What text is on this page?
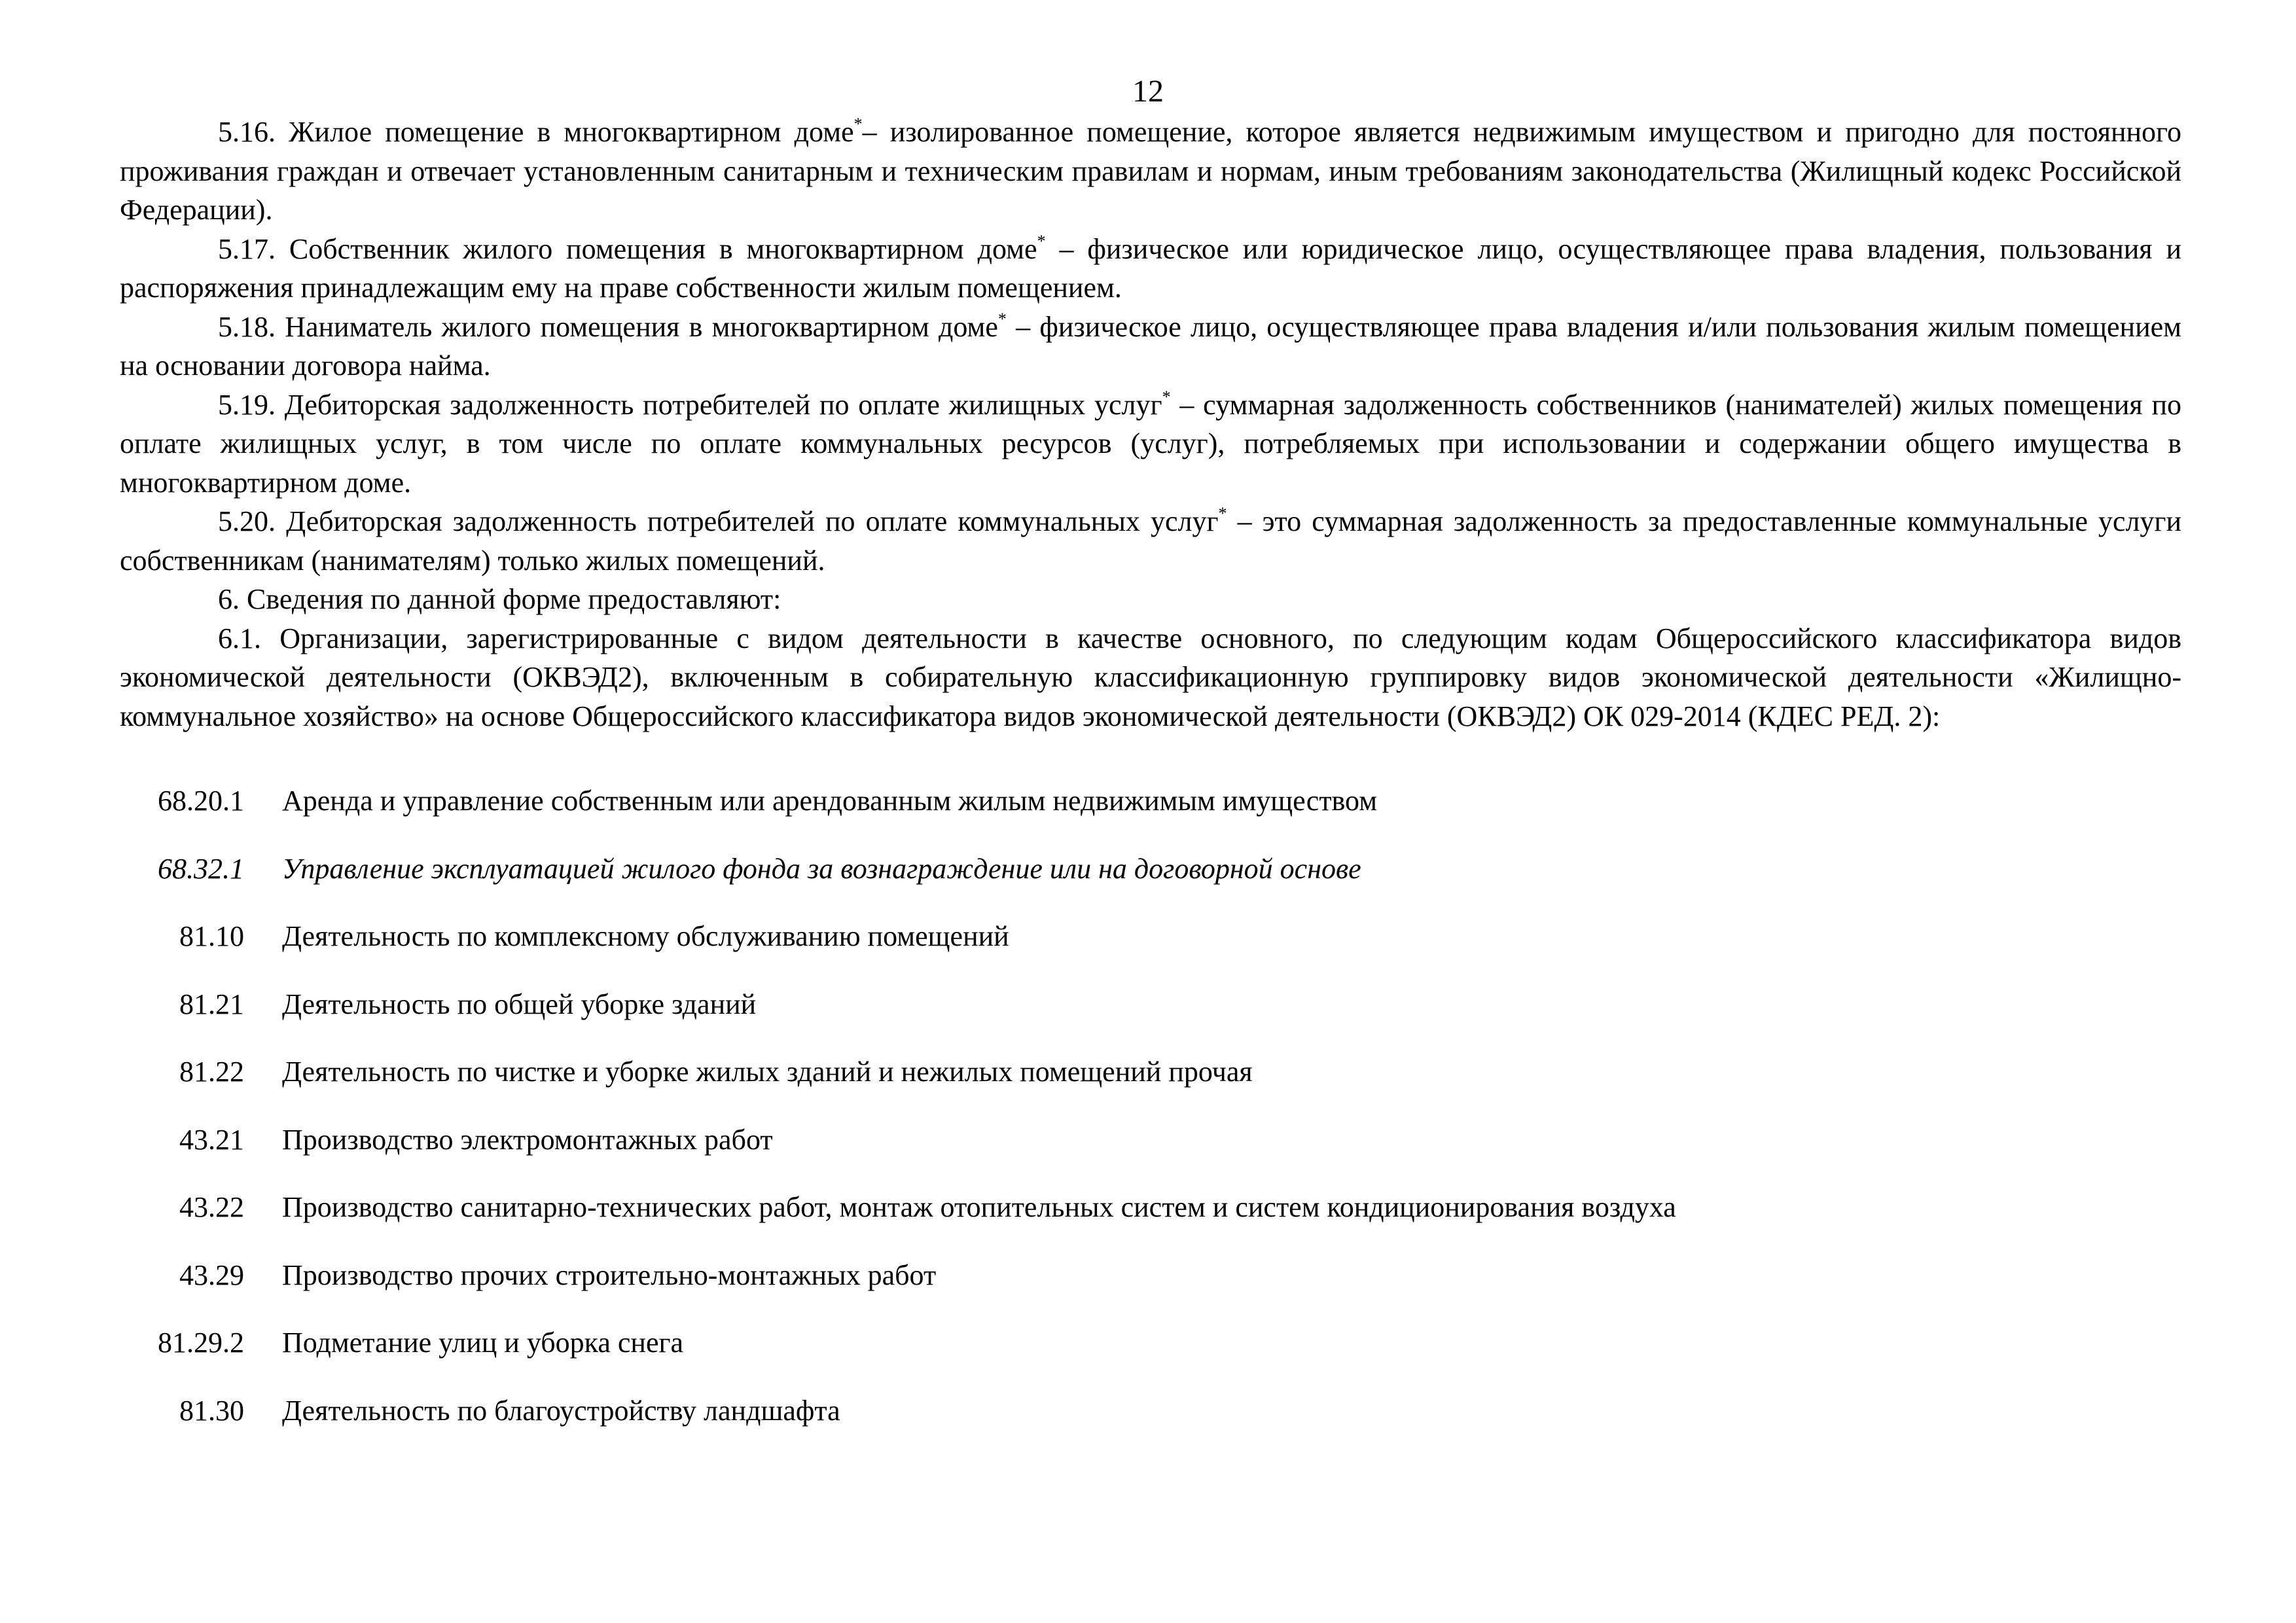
12

5.16. Жилое помещение в многоквартирном доме*– изолированное помещение, которое является недвижимым имуществом и пригодно для постоянного проживания граждан и отвечает установленным санитарным и техническим правилам и нормам, иным требованиям законодательства (Жилищный кодекс Российской Федерации).

5.17. Собственник жилого помещения в многоквартирном доме* – физическое или юридическое лицо, осуществляющее права владения, пользования и распоряжения принадлежащим ему на праве собственности жилым помещением.

5.18. Наниматель жилого помещения в многоквартирном доме* – физическое лицо, осуществляющее права владения и/или пользования жилым помещением на основании договора найма.

5.19. Дебиторская задолженность потребителей по оплате жилищных услуг* – суммарная задолженность собственников (нанимателей) жилых помещения по оплате жилищных услуг, в том числе по оплате коммунальных ресурсов (услуг), потребляемых при использовании и содержании общего имущества в многоквартирном доме.

5.20. Дебиторская задолженность потребителей по оплате коммунальных услуг* – это суммарная задолженность за предоставленные коммунальные услуги собственникам (нанимателям) только жилых помещений.

6. Сведения по данной форме предоставляют:

6.1. Организации, зарегистрированные с видом деятельности в качестве основного, по следующим кодам Общероссийского классификатора видов экономической деятельности (ОКВЭД2), включенным в собирательную классификационную группировку видов экономической деятельности «Жилищно-коммунальное хозяйство» на основе Общероссийского классификатора видов экономической деятельности (ОКВЭД2) ОК 029-2014 (КДЕС РЕД. 2):

68.20.1 Аренда и управление собственным или арендованным жилым недвижимым имуществом
68.32.1 Управление эксплуатацией жилого фонда за вознаграждение или на договорной основе
81.10 Деятельность по комплексному обслуживанию помещений
81.21 Деятельность по общей уборке зданий
81.22 Деятельность по чистке и уборке жилых зданий и нежилых помещений прочая
43.21 Производство электромонтажных работ
43.22 Производство санитарно-технических работ, монтаж отопительных систем и систем кондиционирования воздуха
43.29 Производство прочих строительно-монтажных работ
81.29.2 Подметание улиц и уборка снега
81.30 Деятельность по благоустройству ландшафта
